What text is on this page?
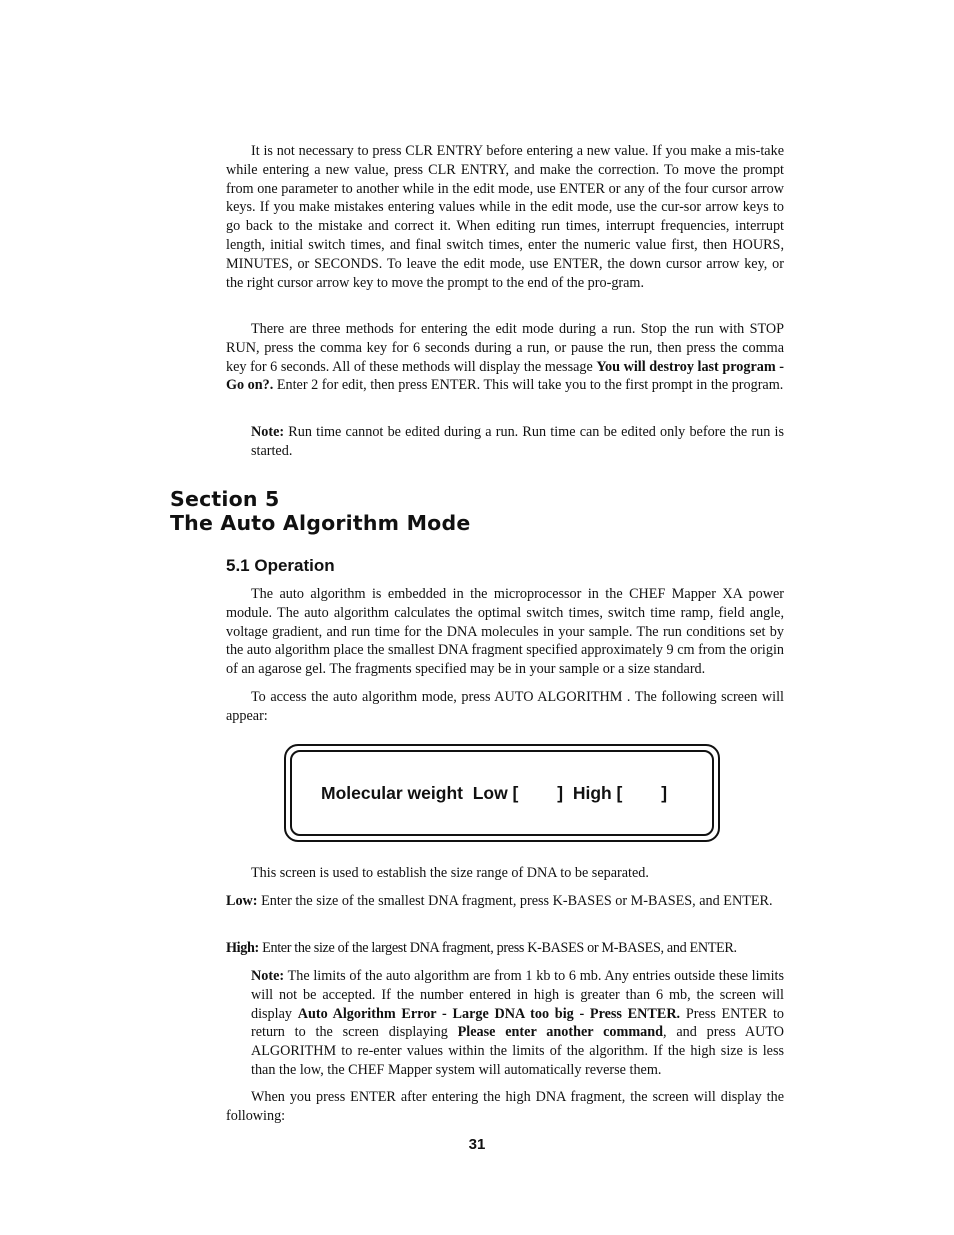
It is not necessary to press CLR ENTRY before entering a new value. If you make a mis-take while entering a new value, press CLR ENTRY, and make the correction. To move the prompt from one parameter to another while in the edit mode, use ENTER or any of the four cursor arrow keys. If you make mistakes entering values while in the edit mode, use the cur-sor arrow keys to go back to the mistake and correct it. When editing run times, interrupt frequencies, interrupt length, initial switch times, and final switch times, enter the numeric value first, then HOURS, MINUTES, or SECONDS. To leave the edit mode, use ENTER, the down cursor arrow key, or the right cursor arrow key to move the prompt to the end of the pro-gram.

There are three methods for entering the edit mode during a run. Stop the run with STOP RUN, press the comma key for 6 seconds during a run, or pause the run, then press the comma key for 6 seconds. All of these methods will display the message You will destroy last program - Go on?. Enter 2 for edit, then press ENTER. This will take you to the first prompt in the program.

Note: Run time cannot be edited during a run. Run time can be edited only before the run is started.

Section 5
The Auto Algorithm Mode
5.1 Operation

The auto algorithm is embedded in the microprocessor in the CHEF Mapper XA power module. The auto algorithm calculates the optimal switch times, switch time ramp, field angle, voltage gradient, and run time for the DNA molecules in your sample. The run conditions set by the auto algorithm place the smallest DNA fragment specified approximately 9 cm from the origin of an agarose gel. The fragments specified may be in your sample or a size standard.

To access the auto algorithm mode, press AUTO ALGORITHM . The following screen will appear:

Molecular weight  Low [        ]  High [        ]

This screen is used to establish the size range of DNA to be separated.

Low: Enter the size of the smallest DNA fragment, press K-BASES or M-BASES, and ENTER.

High: Enter the size of the largest DNA fragment, press K-BASES or M-BASES, and ENTER.

Note: The limits of the auto algorithm are from 1 kb to 6 mb. Any entries outside these limits will not be accepted. If the number entered in high is greater than 6 mb, the screen will display Auto Algorithm Error - Large DNA too big - Press ENTER. Press ENTER to return to the screen displaying Please enter another command, and press AUTO ALGORITHM to re-enter values within the limits of the algorithm. If the high size is less than the low, the CHEF Mapper system will automatically reverse them.

When you press ENTER after entering the high DNA fragment, the screen will display the following:

31
